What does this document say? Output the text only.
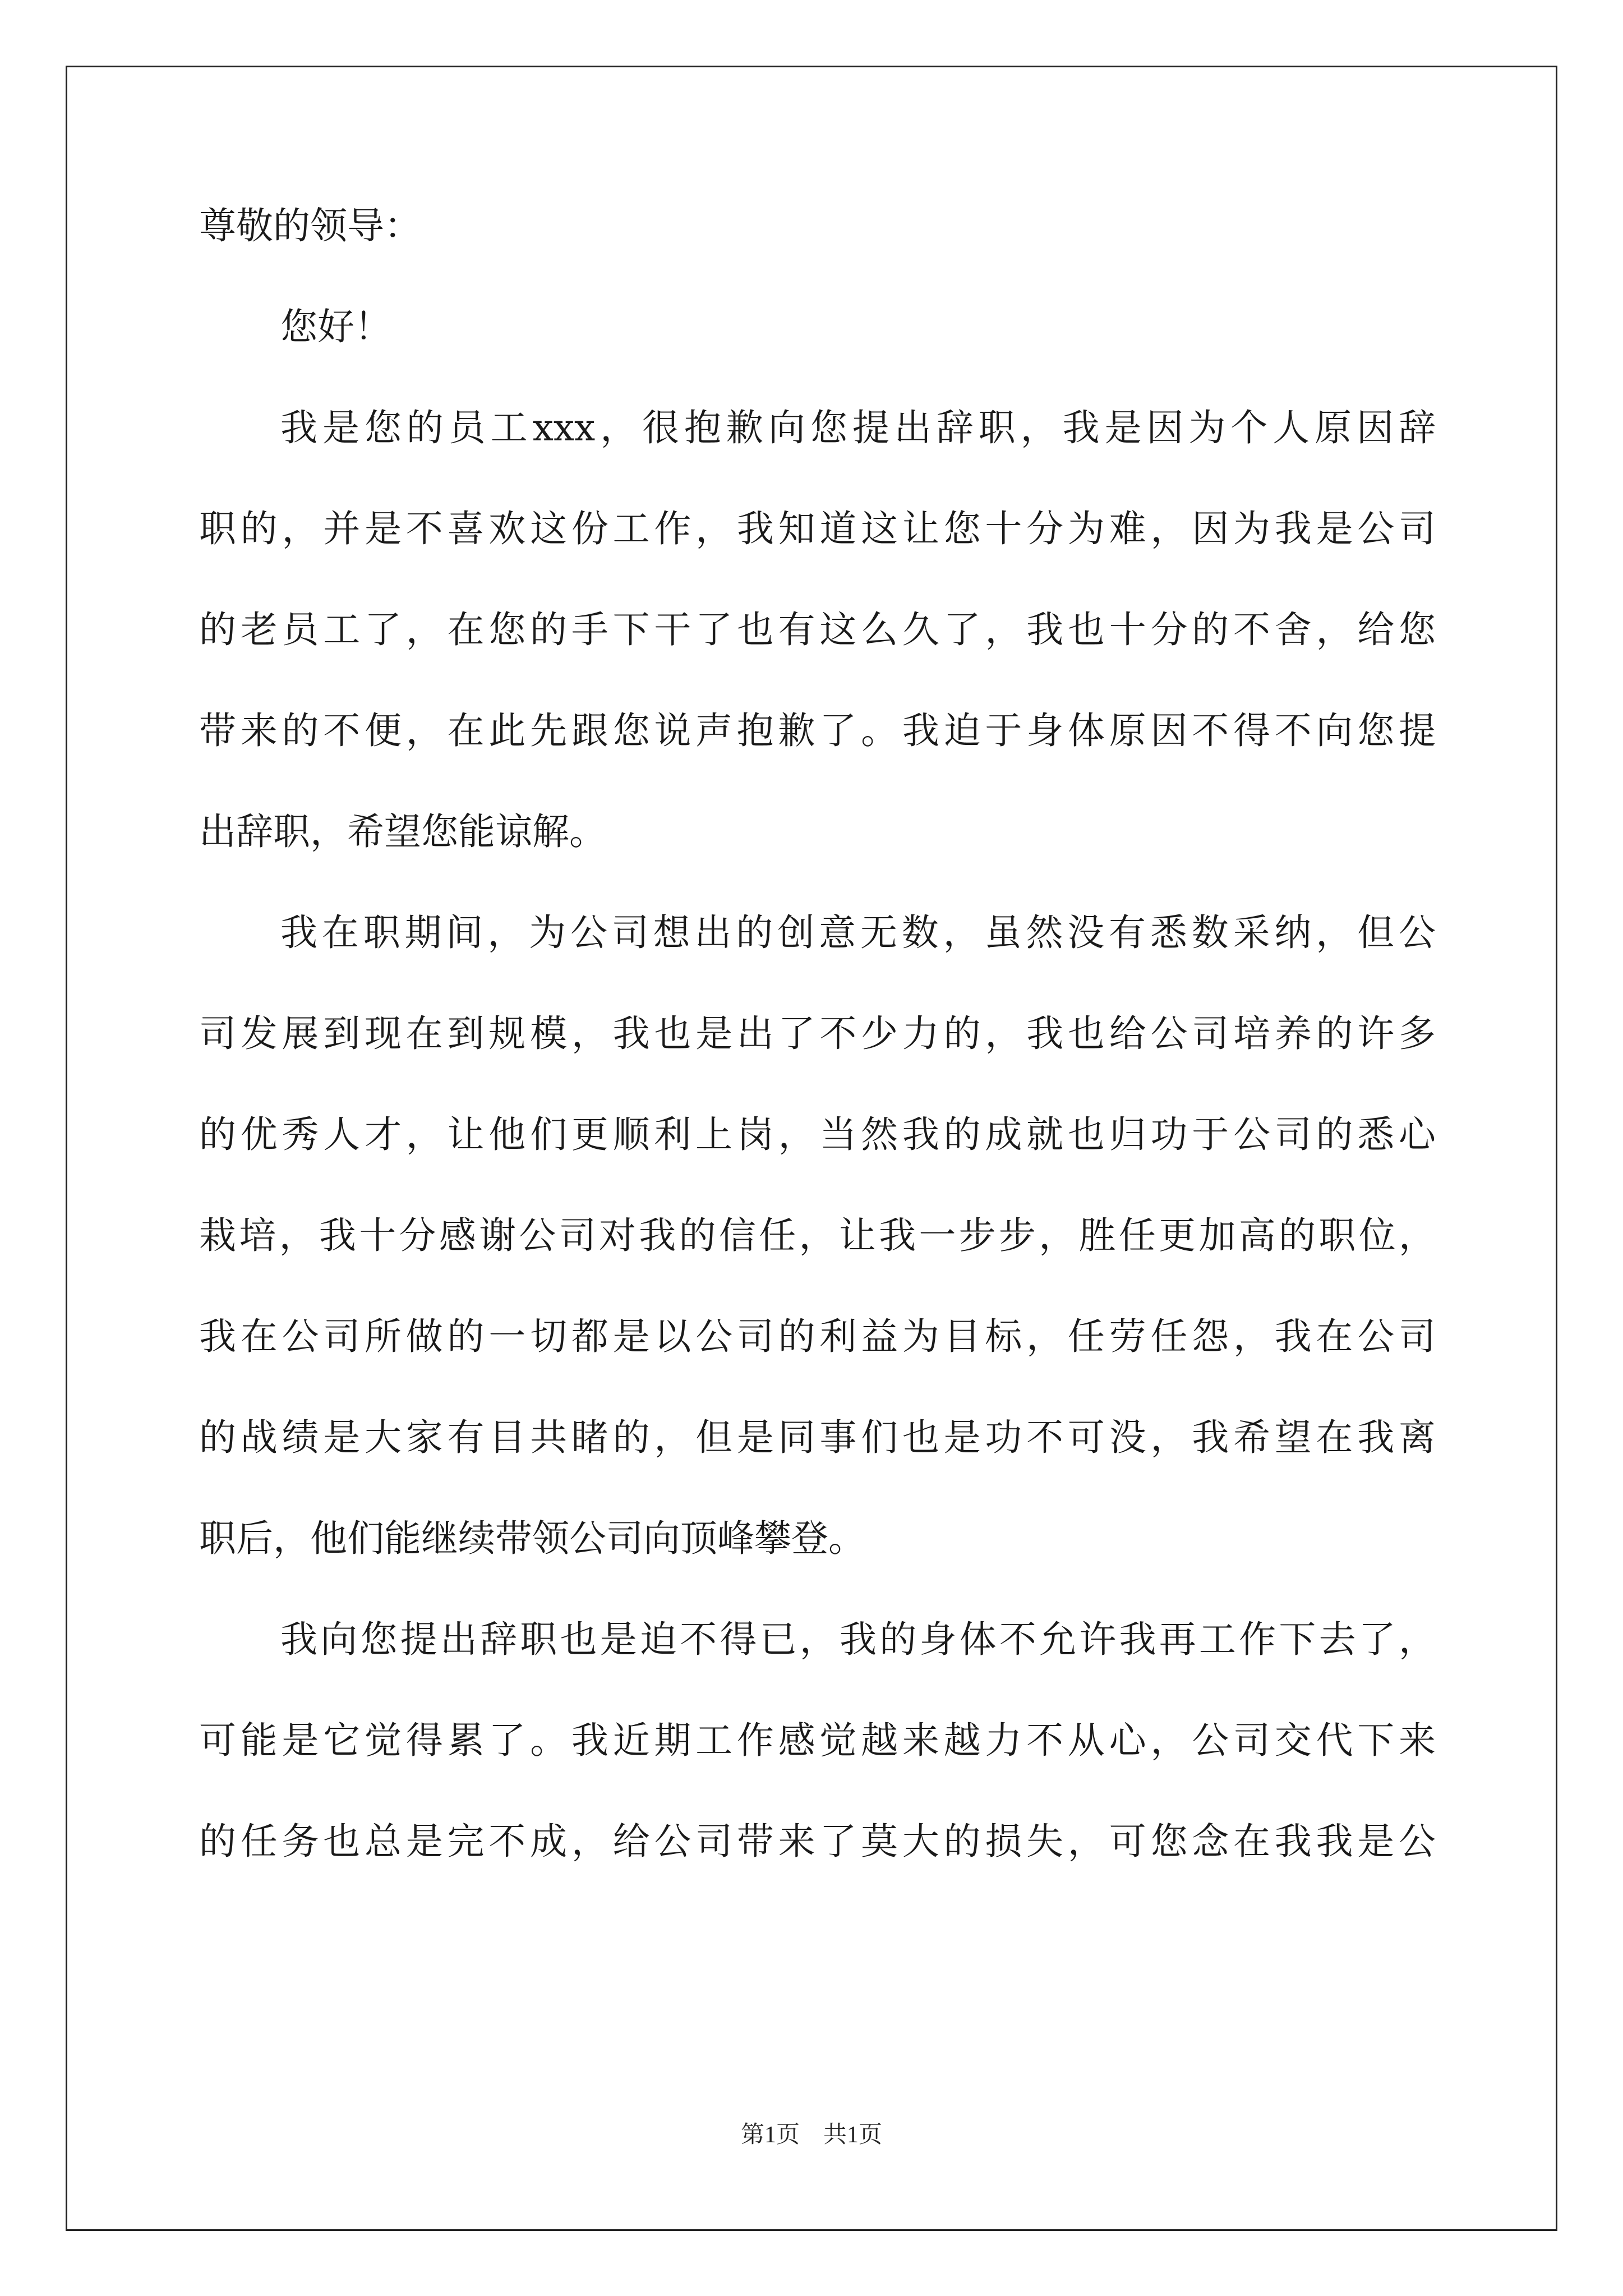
尊敬的领导：
您好！
我是您的员工xxx，很抱歉向您提出辞职，我是因为个人原因辞
职的，并是不喜欢这份工作，我知道这让您十分为难，因为我是公司
的老员工了，在您的手下干了也有这么久了，我也十分的不舍，给您
带来的不便，在此先跟您说声抱歉了。我迫于身体原因不得不向您提
出辞职，希望您能谅解。
我在职期间，为公司想出的创意无数，虽然没有悉数采纳，但公
司发展到现在到规模，我也是出了不少力的，我也给公司培养的许多
的优秀人才，让他们更顺利上岗，当然我的成就也归功于公司的悉心
栽培，我十分感谢公司对我的信任，让我一步步，胜任更加高的职位，
我在公司所做的一切都是以公司的利益为目标，任劳任怨，我在公司
的战绩是大家有目共睹的，但是同事们也是功不可没，我希望在我离
职后，他们能继续带领公司向顶峰攀登。
我向您提出辞职也是迫不得已，我的身体不允许我再工作下去了，
可能是它觉得累了。我近期工作感觉越来越力不从心，公司交代下来
的任务也总是完不成，给公司带来了莫大的损失，可您念在我我是公
第1页 共1页
